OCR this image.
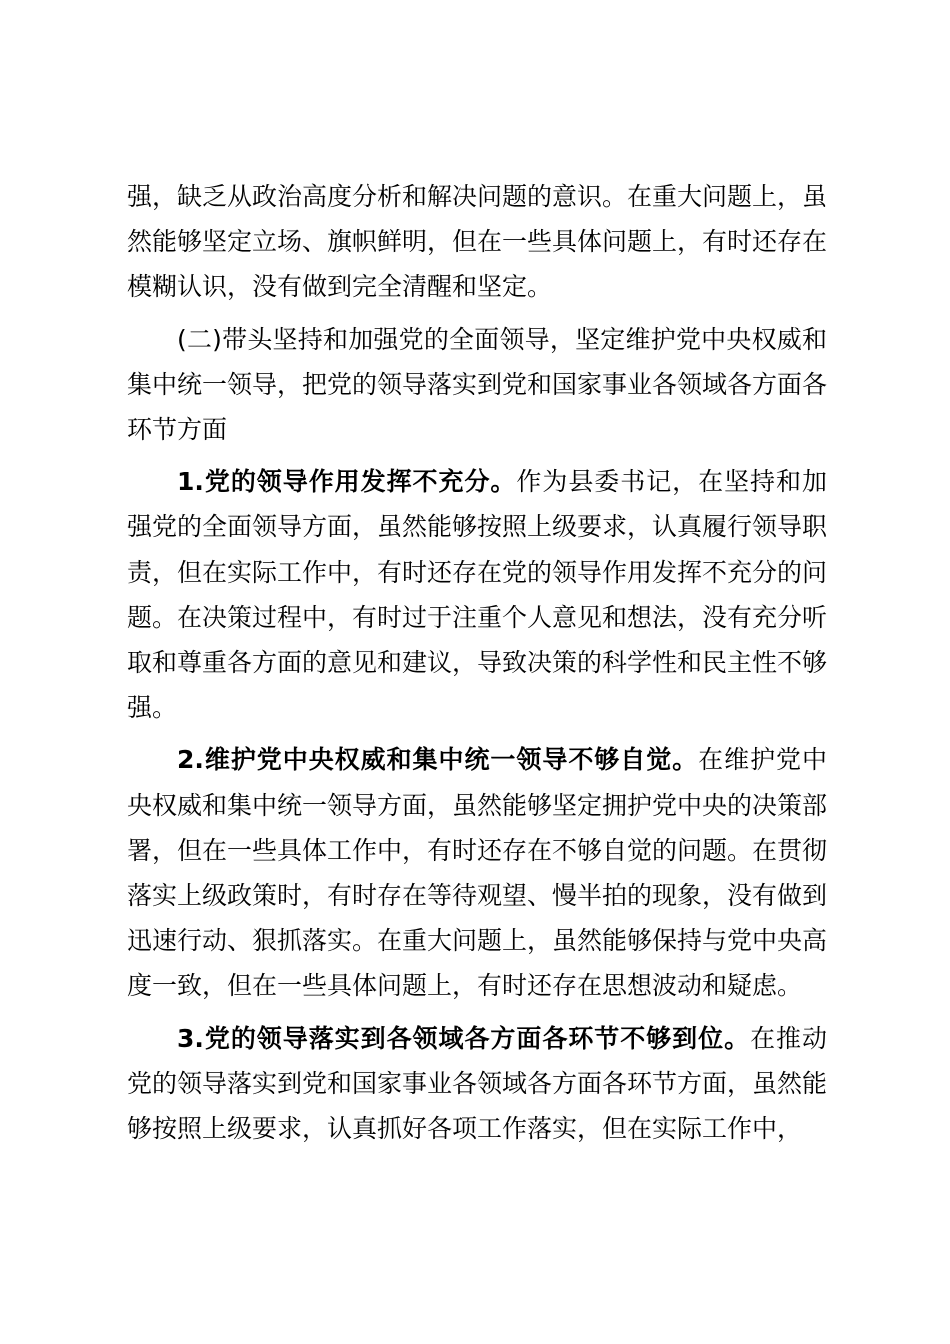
强，缺乏从政治高度分析和解决问题的意识。在重大问题上，虽然能够坚定立场、旗帜鲜明，但在一些具体问题上，有时还存在模糊认识，没有做到完全清醒和坚定。

(二)带头坚持和加强党的全面领导，坚定维护党中央权威和集中统一领导，把党的领导落实到党和国家事业各领域各方面各环节方面

1.党的领导作用发挥不充分。作为县委书记，在坚持和加强党的全面领导方面，虽然能够按照上级要求，认真履行领导职责，但在实际工作中，有时还存在党的领导作用发挥不充分的问题。在决策过程中，有时过于注重个人意见和想法，没有充分听取和尊重各方面的意见和建议，导致决策的科学性和民主性不够强。

2.维护党中央权威和集中统一领导不够自觉。在维护党中央权威和集中统一领导方面，虽然能够坚定拥护党中央的决策部署，但在一些具体工作中，有时还存在不够自觉的问题。在贯彻落实上级政策时，有时存在等待观望、慢半拍的现象，没有做到迅速行动、狠抓落实。在重大问题上，虽然能够保持与党中央高度一致，但在一些具体问题上，有时还存在思想波动和疑虑。

3.党的领导落实到各领域各方面各环节不够到位。在推动党的领导落实到党和国家事业各领域各方面各环节方面，虽然能够按照上级要求，认真抓好各项工作落实，但在实际工作中，
